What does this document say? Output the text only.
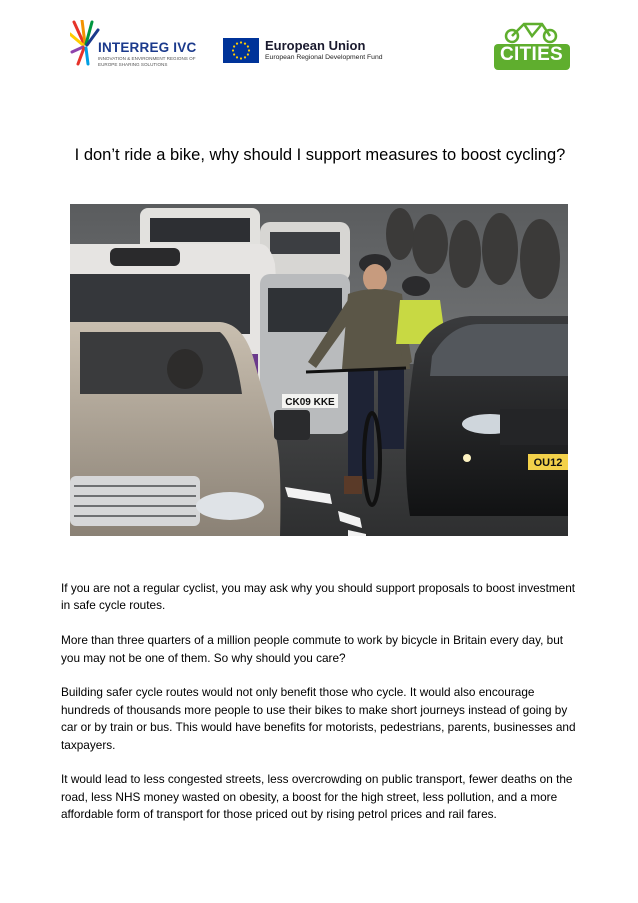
INTERREG IVC
INNOVATION & ENVIRONMENT REGIONS OF EUROPE SHARING SOLUTIONS
European Union
European Regional Development Fund	CITIES
I don’t ride a bike, why should I support measures to boost cycling?
CK09 KKE
OU12

If you are not a regular cyclist, you may ask why you should support proposals to boost investment in safe cycle routes.

More than three quarters of a million people commute to work by bicycle in Britain every day, but you may not be one of them. So why should you care?

Building safer cycle routes would not only benefit those who cycle. It would also encourage hundreds of thousands more people to use their bikes to make short journeys instead of going by car or by train or bus. This would have benefits for motorists, pedestrians, parents, businesses and taxpayers.

It would lead to less congested streets, less overcrowding on public transport, fewer deaths on the road, less NHS money wasted on obesity, a boost for the high street, less pollution, and a more affordable form of transport for those priced out by rising petrol prices and rail fares.
